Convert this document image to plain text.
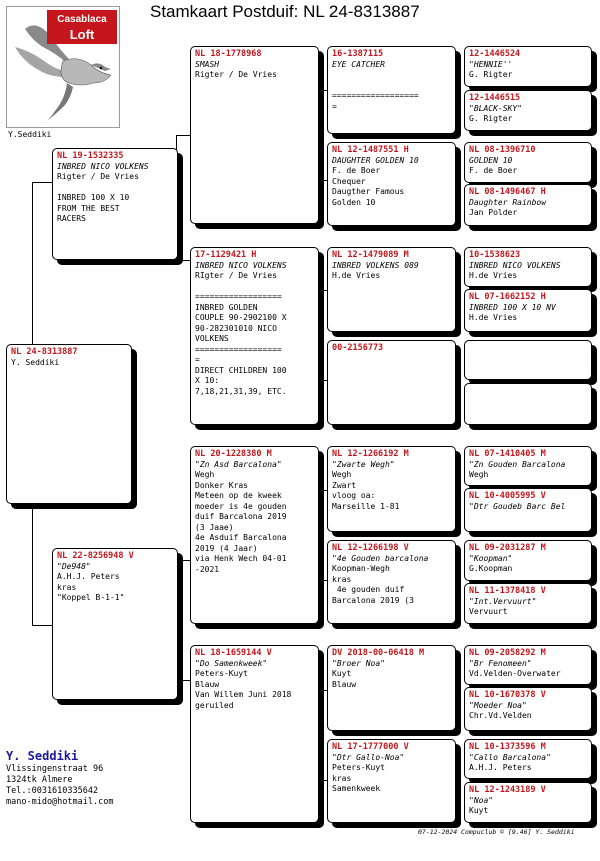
Stamkaart Postduif: NL 24-8313887
Casablaca
Loft
Y.Seddiki
NL 24-8313887
Y. Seddiki
NL 19-1532335
INBRED NICO VOLKENS
Rigter / De Vries

INBRED 100 X 10
FROM THE BEST
RACERS
NL 22-8256948 V
"De948"
A.H.J. Peters
kras
"Koppel B-1-1"
NL 18-1778968
SMASH
Rigter / De Vries
17-1129421 H
INBRED NICO VOLKENS
RIgter / De Vries

==================
INBRED GOLDEN
COUPLE 90-2902100 X
90-282301010 NICO
VOLKENS
==================
=
DIRECT CHILDREN 100
X 10:
7,18,21,31,39, ETC.
NL 20-1228380 M
"Zn Asd Barcalona"
Wegh
Donker Kras
Meteen op de kweek
moeder is 4e gouden
duif Barcalona 2019
(3 Jaae)
4e Asduif Barcalona
2019 (4 Jaar)
via Henk Wech 04-01
-2021
NL 18-1659144 V
"Do Samenkweek"
Peters-Kuyt
Blauw
Van Willem Juni 2018
geruiled
16-1387115
EYE CATCHER

==================
=
NL 12-1487551 H
DAUGHTER GOLDEN 10
F. de Boer
Chequer
Daugther Famous
Golden 10
NL 12-1479089 M
INBRED VOLKENS 089
H.de Vries
00-2156773
NL 12-1266192 M
"Zwarte Wegh"
Wegh
Zwart
vloog oa:
Marseille 1-81
NL 12-1266198 V
"4e Gouden barcalona
Koopman-Wegh
kras
4e gouden duif
Barcalona 2019 (3
DV 2018-00-06418 M
"Broer Noa"
Kuyt
Blauw
NL 17-1777000 V
"Dtr Gallo-Noa"
Peters-Kuyt
kras
Samenkweek
12-1446524
"HENNIE''
G. Rigter
12-1446515
"BLACK-SKY"
G. Rigter
NL 08-1396710
GOLDEN 10
F. de Boer
NL 08-1496467 H
Daughter Rainbow
Jan Polder
10-1538623
INBRED NICO VOLKENS
H.de Vries
NL 07-1662152 H
INBRED 100 X 10 NV
H.de Vries
NL 07-1410405 M
"Zn Gouden Barcalona
Wegh
NL 10-4005995 V
"Dtr Goudeb Barc Bel
NL 09-2031287 M
"Koopman"
G.Koopman
NL 11-1378418 V
"Int.Vervuurt"
Vervuurt
NL 09-2058292 M
"Br Fenomeen"
Vd.Velden-Overwater
NL 10-1670378 V
"Moeder Noa"
Chr.Vd.Velden
NL 10-1373596 M
"Callo Barcalona"
A.H.J. Peters
NL 12-1243189 V
"Noa"
Kuyt
Y. Seddiki
Vlissingenstraat 96
1324tk Almere
Tel.:0031610335642
mano-mido@hotmail.com
07-12-2024 Compuclub © [9.46] Y. Seddiki
